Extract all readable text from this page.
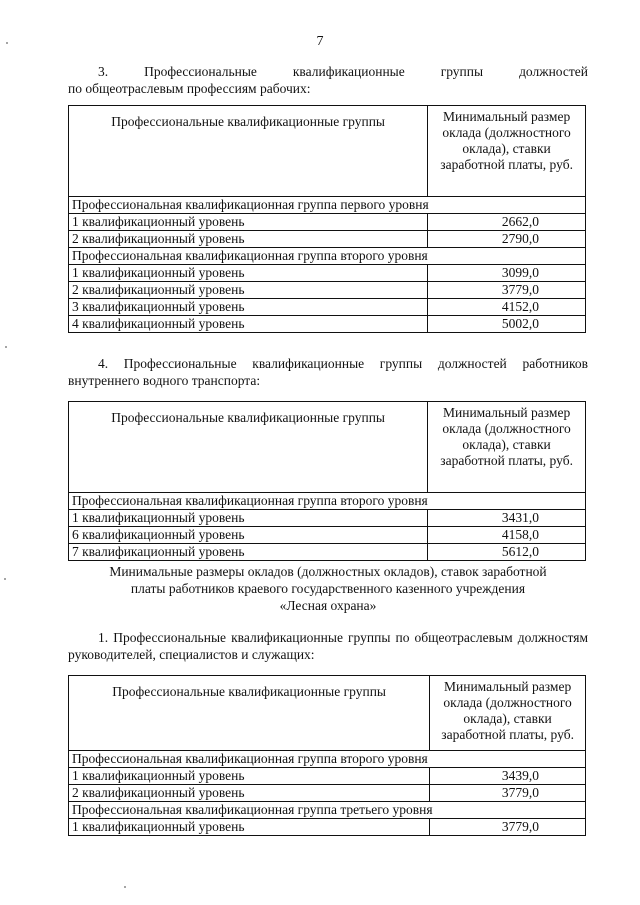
7
3.	Профессиональные	квалификационные	группы	должностей
по общеотраслевым профессиям рабочих:
Профессиональные квалификационные группы	Минимальный размер оклада (должностного оклада), ставки заработной платы, руб.
Профессиональная квалификационная группа первого уровня	
1 квалификационный уровень	2662,0
2 квалификационный уровень	2790,0
Профессиональная квалификационная группа второго уровня	
1 квалификационный уровень	3099,0
2 квалификационный уровень	3779,0
3 квалификационный уровень	4152,0
4 квалификационный уровень	5002,0
4. Профессиональные квалификационные группы должностей работников внутреннего водного транспорта:
Профессиональные квалификационные группы	Минимальный размер оклада (должностного оклада), ставки заработной платы, руб.
Профессиональная квалификационная группа второго уровня	
1 квалификационный уровень	3431,0
6 квалификационный уровень	4158,0
7 квалификационный уровень	5612,0
Минимальные размеры окладов (должностных окладов), ставок заработной
платы работников краевого государственного казенного учреждения
«Лесная охрана»
1. Профессиональные квалификационные группы по общеотраслевым должностям руководителей, специалистов и служащих:
Профессиональные квалификационные группы	Минимальный размер оклада (должностного оклада), ставки заработной платы, руб.
Профессиональная квалификационная группа второго уровня	
1 квалификационный уровень	3439,0
2 квалификационный уровень	3779,0
Профессиональная квалификационная группа третьего уровня	
1 квалификационный уровень	3779,0
